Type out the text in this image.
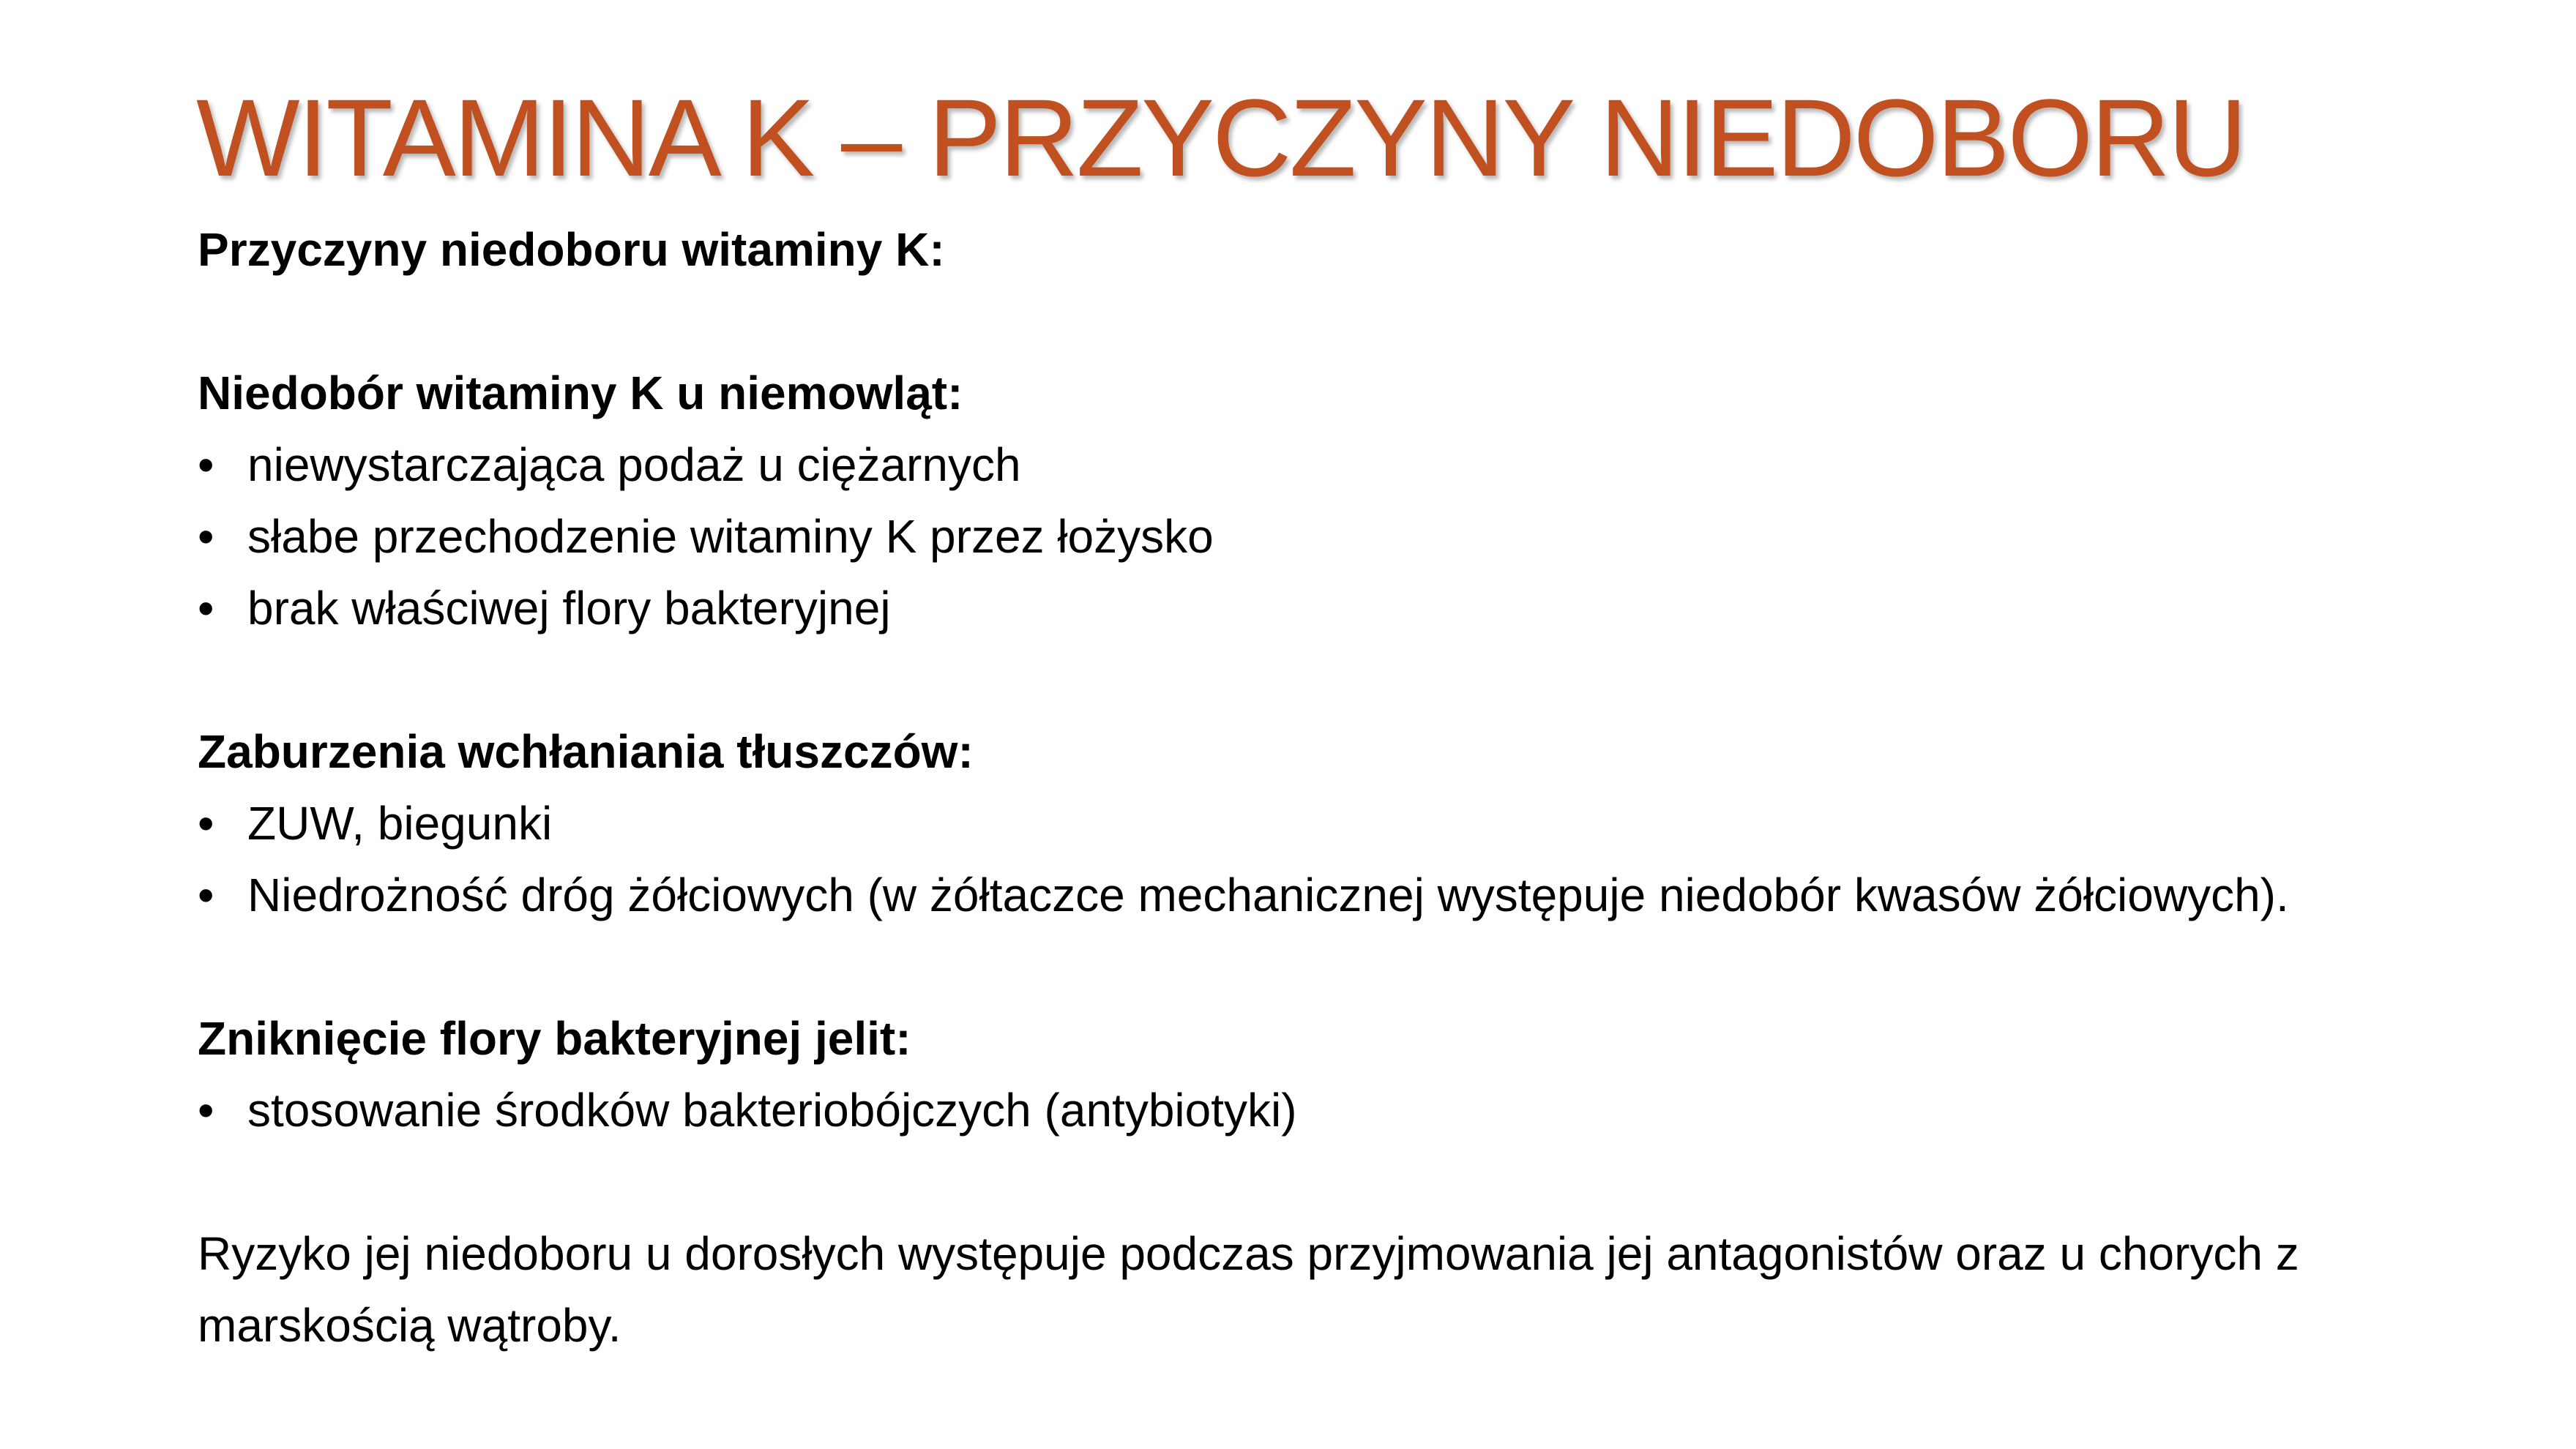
WITAMINA K – PRZYCZYNY NIEDOBORU

Przyczyny niedoboru witaminy K:

Niedobór witaminy K u niemowląt:

• niewystarczająca podaż u ciężarnych
• słabe przechodzenie witaminy K przez łożysko
• brak właściwej flory bakteryjnej

Zaburzenia wchłaniania tłuszczów:

• ZUW, biegunki
• Niedrożność dróg żółciowych (w żółtaczce mechanicznej występuje niedobór kwasów żółciowych).

Zniknięcie flory bakteryjnej jelit:

• stosowanie środków bakteriobójczych (antybiotyki)

Ryzyko jej niedoboru u dorosłych występuje podczas przyjmowania jej antagonistów oraz u chorych z

marskością wątroby.
